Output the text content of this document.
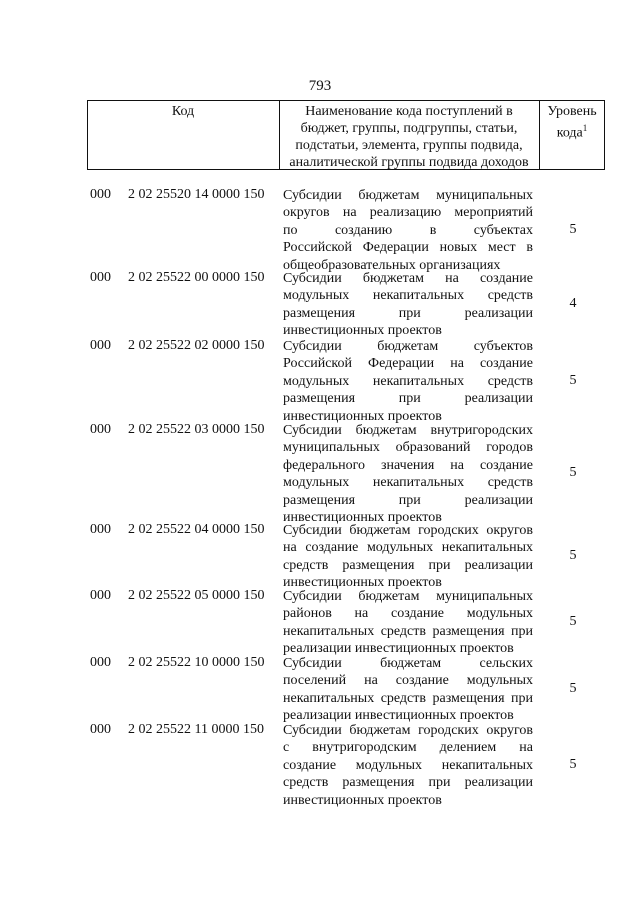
793
Код	Наименование кода поступлений в
бюджет, группы, подгруппы, статьи,
подстатьи, элемента, группы подвида,
аналитической группы подвида доходов
Уровень
кода$^1$
000 2 02 25520 14 0000 150 Субсидии бюджетам муниципальных
округов на реализацию мероприятий
по созданию в субъектах
Российской Федерации новых мест в
общеобразовательных организациях
5
000 2 02 25522 00 0000 150 Субсидии бюджетам на создание
модульных некапитальных средств
размещения при реализации
инвестиционных проектов
4
000 2 02 25522 02 0000 150 Субсидии бюджетам субъектов
Российской Федерации на создание
модульных некапитальных средств
размещения при реализации
инвестиционных проектов
5
000 2 02 25522 03 0000 150 Субсидии бюджетам внутригородских
муниципальных образований городов
федерального значения на создание
модульных некапитальных средств
размещения при реализации
инвестиционных проектов
5
000 2 02 25522 04 0000 150 Субсидии бюджетам городских округов
на создание модульных некапитальных
средств размещения при реализации
инвестиционных проектов
5
000 2 02 25522 05 0000 150 Субсидии бюджетам муниципальных
районов на создание модульных
некапитальных средств размещения при
реализации инвестиционных проектов
5
000 2 02 25522 10 0000 150 Субсидии бюджетам сельских
поселений на создание модульных
некапитальных средств размещения при
реализации инвестиционных проектов
5
000 2 02 25522 11 0000 150 Субсидии бюджетам городских округов
с внутригородским делением на
создание модульных некапитальных
средств размещения при реализации
инвестиционных проектов
5
